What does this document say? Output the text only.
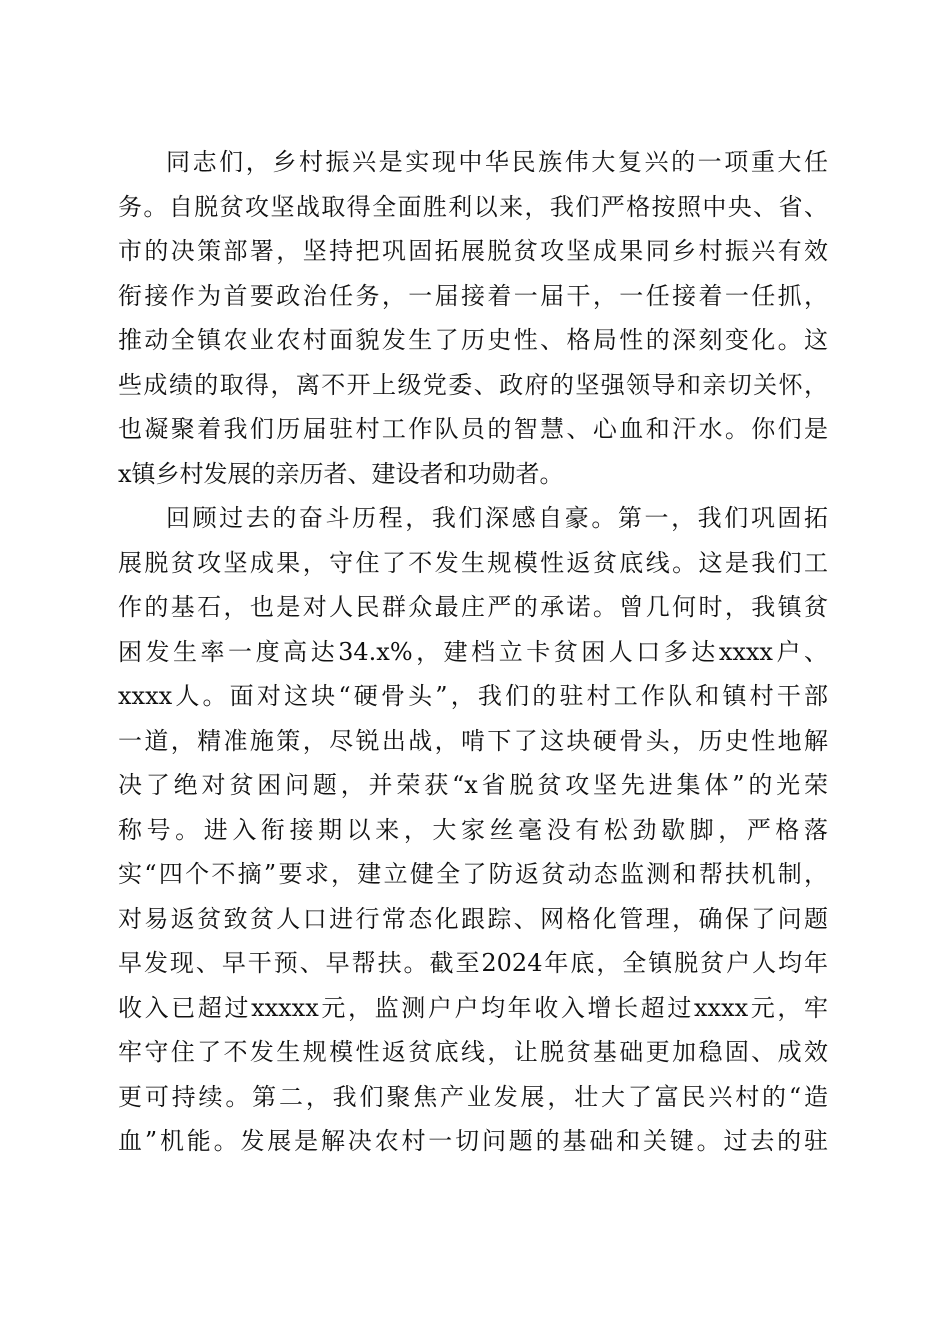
同志们，乡村振兴是实现中华民族伟大复兴的一项重大任
务。自脱贫攻坚战取得全面胜利以来，我们严格按照中央、省、
市的决策部署，坚持把巩固拓展脱贫攻坚成果同乡村振兴有效
衔接作为首要政治任务，一届接着一届干，一任接着一任抓，
推动全镇农业农村面貌发生了历史性、格局性的深刻变化。这
些成绩的取得，离不开上级党委、政府的坚强领导和亲切关怀，
也凝聚着我们历届驻村工作队员的智慧、心血和汗水。你们是
x镇乡村发展的亲历者、建设者和功勋者。
回顾过去的奋斗历程，我们深感自豪。第一，我们巩固拓
展脱贫攻坚成果，守住了不发生规模性返贫底线。这是我们工
作的基石，也是对人民群众最庄严的承诺。曾几何时，我镇贫
困发生率一度高达34.x%，建档立卡贫困人口多达xxxx户、
xxxx人。面对这块“硬骨头”，我们的驻村工作队和镇村干部
一道，精准施策，尽锐出战，啃下了这块硬骨头，历史性地解
决了绝对贫困问题，并荣获“x省脱贫攻坚先进集体”的光荣
称号。进入衔接期以来，大家丝毫没有松劲歇脚，严格落
实“四个不摘”要求，建立健全了防返贫动态监测和帮扶机制，
对易返贫致贫人口进行常态化跟踪、网格化管理，确保了问题
早发现、早干预、早帮扶。截至2024年底，全镇脱贫户人均年
收入已超过xxxxx元，监测户户均年收入增长超过xxxx元，牢
牢守住了不发生规模性返贫底线，让脱贫基础更加稳固、成效
更可持续。第二，我们聚焦产业发展，壮大了富民兴村的“造
血”机能。发展是解决农村一切问题的基础和关键。过去的驻
